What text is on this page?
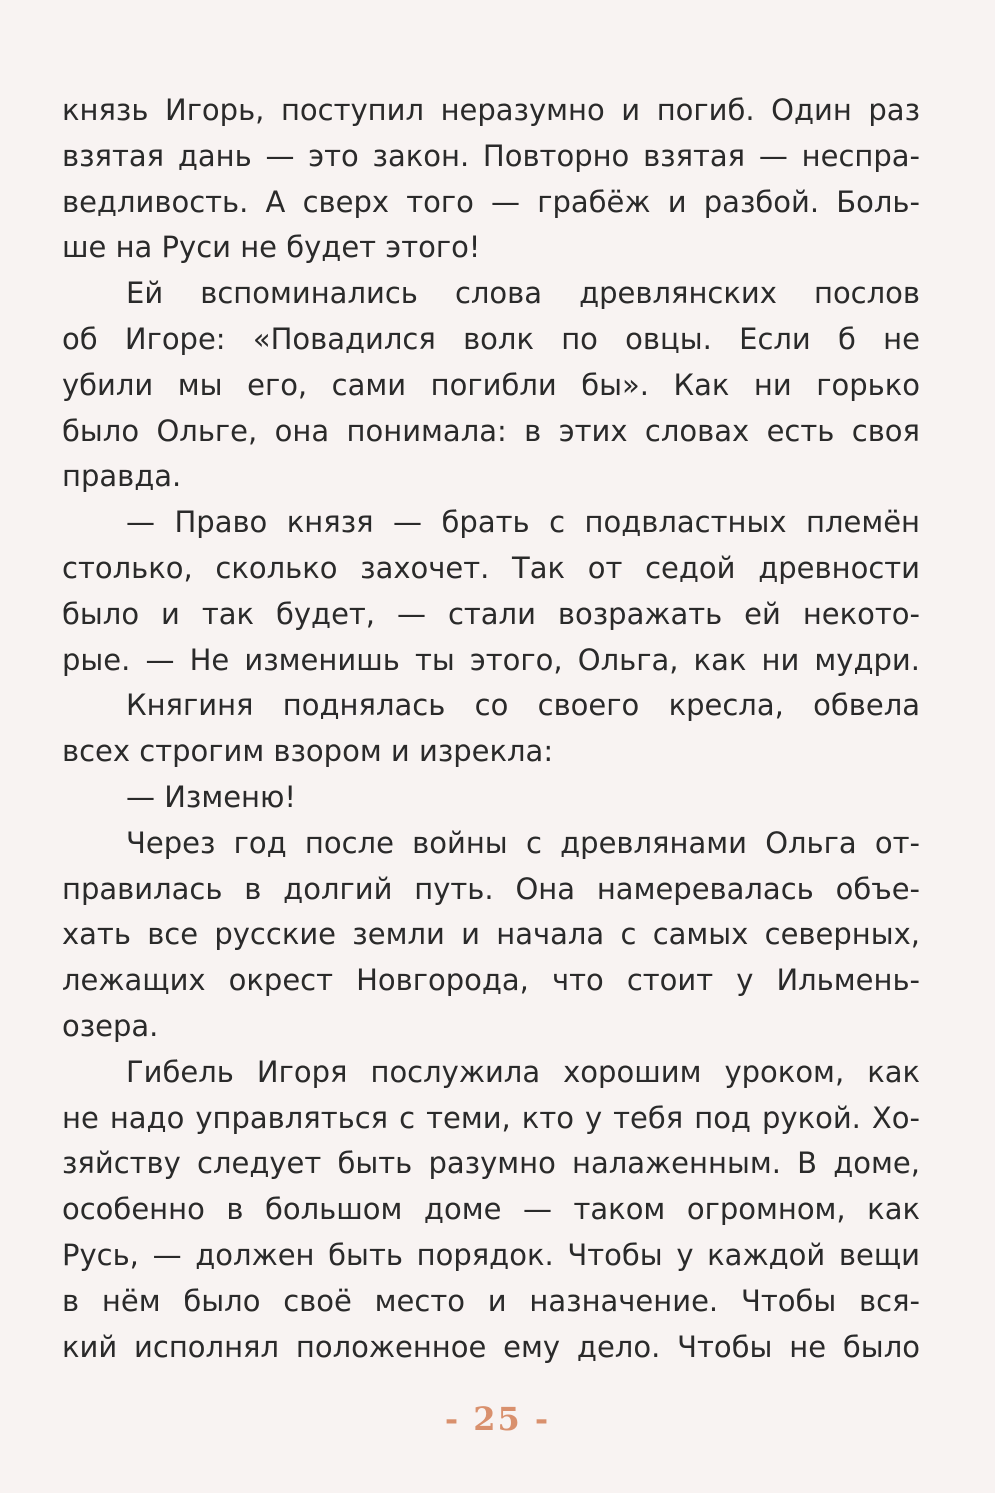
князь Игорь, поступил неразумно и погиб. Один раз
взятая дань — это закон. Повторно взятая — неспра-
ведливость. А сверх того — грабёж и разбой. Боль-
ше на Руси не будет этого!
Ей вспоминались слова древлянских послов
об Игоре: «Повадился волк по овцы. Если б не
убили мы его, сами погибли бы». Как ни горько
было Ольге, она понимала: в этих словах есть своя
правда.
— Право князя — брать с подвластных племён
столько, сколько захочет. Так от седой древности
было и так будет, — стали возражать ей некото-
рые. — Не изменишь ты этого, Ольга, как ни мудри.
Княгиня поднялась со своего кресла, обвела
всех строгим взором и изрекла:
— Изменю!
Через год после войны с древлянами Ольга от-
правилась в долгий путь. Она намеревалась объе-
хать все русские земли и начала с самых северных,
лежащих окрест Новгорода, что стоит у Ильмень-
озера.
Гибель Игоря послужила хорошим уроком, как
не надо управляться с теми, кто у тебя под рукой. Хо-
зяйству следует быть разумно налаженным. В доме,
особенно в большом доме — таком огромном, как
Русь, — должен быть порядок. Чтобы у каждой вещи
в нём было своё место и назначение. Чтобы вся-
кий исполнял положенное ему дело. Чтобы не было
- 25 -
